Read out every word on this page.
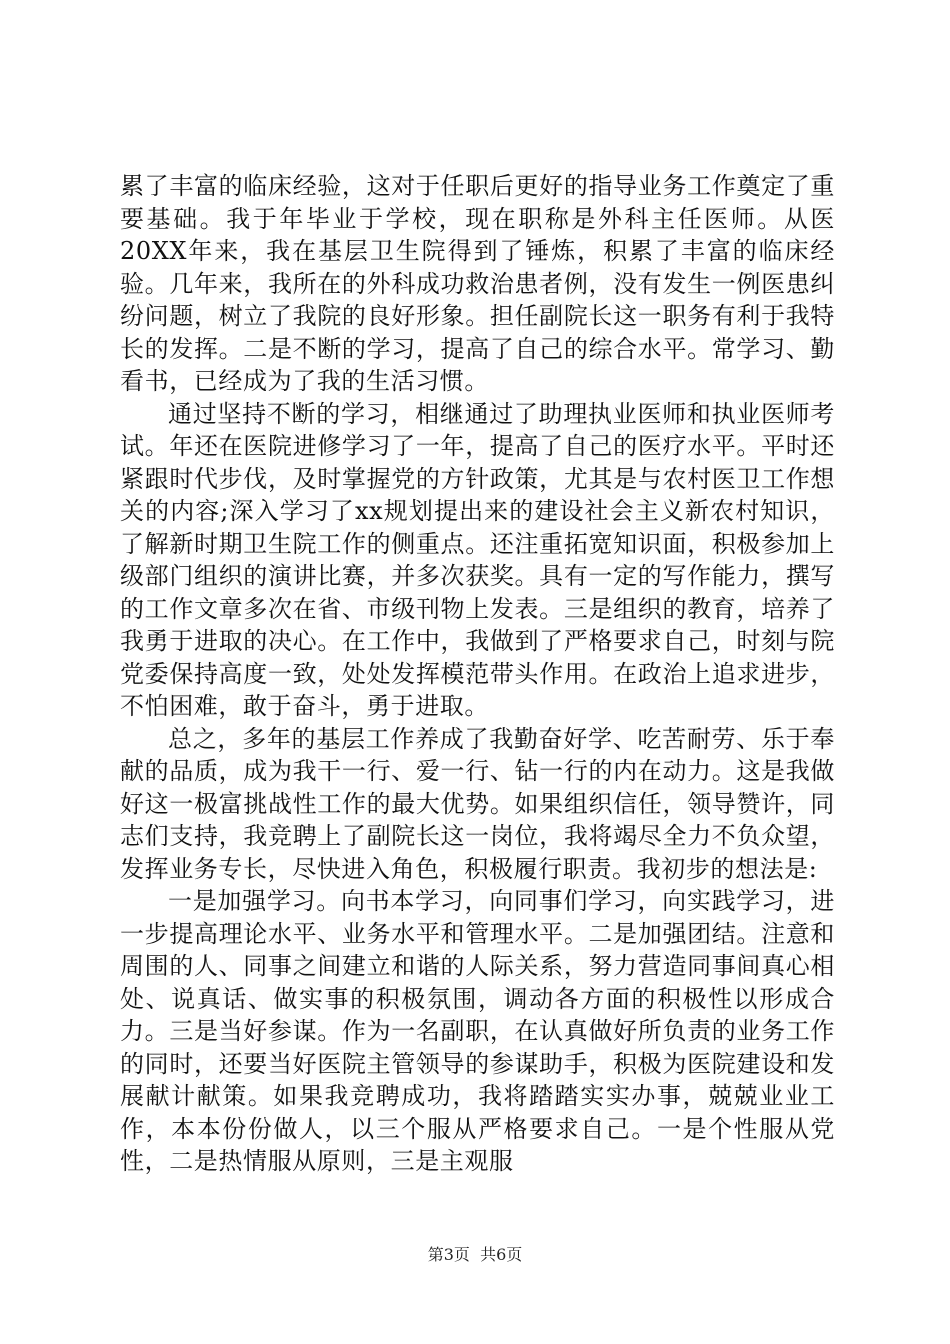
累了丰富的临床经验，这对于任职后更好的指导业务工作奠定了重要基础。我于年毕业于学校，现在职称是外科主任医师。从医20XX年来，我在基层卫生院得到了锤炼，积累了丰富的临床经验。几年来，我所在的外科成功救治患者例，没有发生一例医患纠纷问题，树立了我院的良好形象。担任副院长这一职务有利于我特长的发挥。二是不断的学习，提高了自己的综合水平。常学习、勤看书，已经成为了我的生活习惯。

通过坚持不断的学习，相继通过了助理执业医师和执业医师考试。年还在医院进修学习了一年，提高了自己的医疗水平。平时还紧跟时代步伐，及时掌握党的方针政策，尤其是与农村医卫工作想关的内容;深入学习了xx规划提出来的建设社会主义新农村知识，了解新时期卫生院工作的侧重点。还注重拓宽知识面，积极参加上级部门组织的演讲比赛，并多次获奖。具有一定的写作能力，撰写的工作文章多次在省、市级刊物上发表。三是组织的教育，培养了我勇于进取的决心。在工作中，我做到了严格要求自己，时刻与院党委保持高度一致，处处发挥模范带头作用。在政治上追求进步，不怕困难，敢于奋斗，勇于进取。

总之，多年的基层工作养成了我勤奋好学、吃苦耐劳、乐于奉献的品质，成为我干一行、爱一行、钻一行的内在动力。这是我做好这一极富挑战性工作的最大优势。如果组织信任，领导赞许，同志们支持，我竞聘上了副院长这一岗位，我将竭尽全力不负众望，发挥业务专长，尽快进入角色，积极履行职责。我初步的想法是:

一是加强学习。向书本学习，向同事们学习，向实践学习，进一步提高理论水平、业务水平和管理水平。二是加强团结。注意和周围的人、同事之间建立和谐的人际关系，努力营造同事间真心相处、说真话、做实事的积极氛围，调动各方面的积极性以形成合力。三是当好参谋。作为一名副职，在认真做好所负责的业务工作的同时，还要当好医院主管领导的参谋助手，积极为医院建设和发展献计献策。如果我竞聘成功，我将踏踏实实办事，兢兢业业工作，本本份份做人，以三个服从严格要求自己。一是个性服从党性，二是热情服从原则，三是主观服

第3页  共6页
